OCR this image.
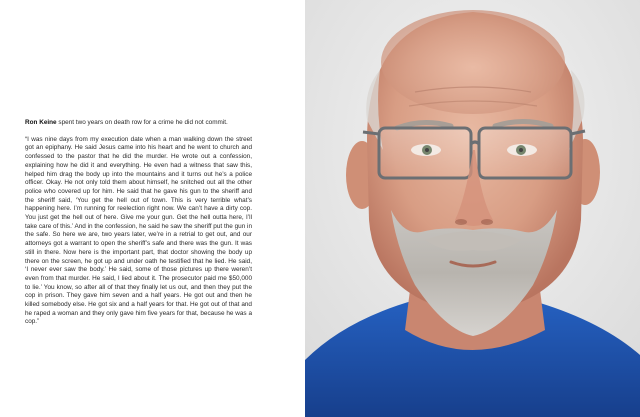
Ron Keine spent two years on death row for a crime he did not commit.

“I was nine days from my execution date when a man walking down the street got an epiphany. He said Jesus came into his heart and he went to church and confessed to the pastor that he did the murder. He wrote out a confession, explaining how he did it and everything. He even had a witness that saw this, helped him drag the body up into the mountains and it turns out he’s a police officer. Okay. He not only told them about himself, he snitched out all the other police who covered up for him. He said that he gave his gun to the sheriff and the sheriff said, ‘You get the hell out of town. This is very terrible what’s happening here. I’m running for reelection right now. We can’t have a dirty cop. You just get the hell out of here. Give me your gun. Get the hell outta here, I’ll take care of this.’ And in the confession, he said he saw the sheriff put the gun in the safe. So here we are, two years later, we’re in a retrial to get out, and our attorneys got a warrant to open the sheriff’s safe and there was the gun. It was still in there. Now here is the important part, that doctor showing the body up there on the screen, he got up and under oath he testified that he lied. He said, ‘I never ever saw the body.’ He said, some of those pictures up there weren’t even from that murder. He said, I lied about it. The prosecutor paid me $50,000 to lie.’ You know, so after all of that they finally let us out, and then they put the cop in prison. They gave him seven and a half years. He got out and then he killed somebody else. He got six and a half years for that. He got out of that and he raped a woman and they only gave him five years for that, because he was a cop.”
